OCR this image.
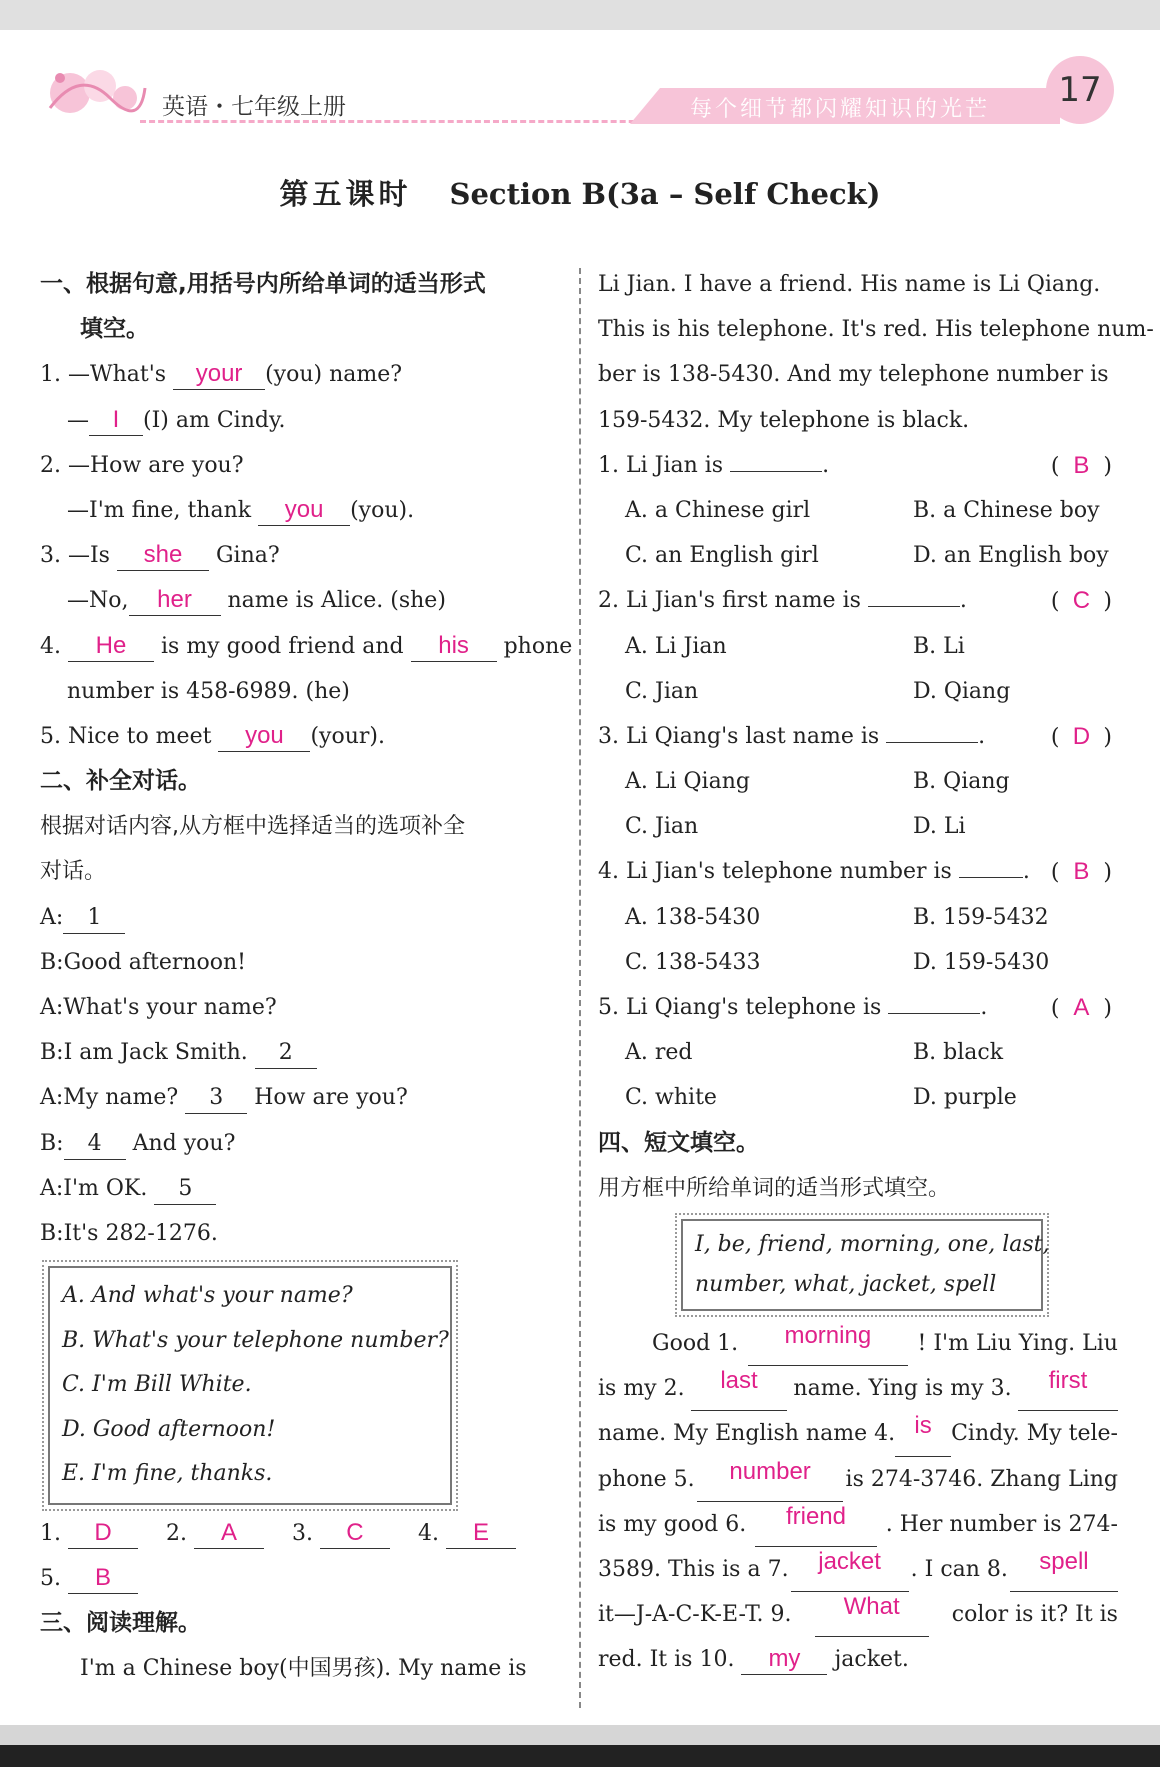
英语・七年级上册	每个细节都闪耀知识的光芒	17
第五课时 Section B(3a – Self Check)
一、根据句意,用括号内所给单词的适当形式
填空。
1. —What's your (you) name?
— I (I) am Cindy.
2. —How are you?
—I'm fine, thank you (you).
3. —Is she Gina?
—No, her name is Alice. (she)
4. He is my good friend and his phone
number is 458-6989. (he)
5. Nice to meet you (your).
二、补全对话。
根据对话内容,从方框中选择适当的选项补全
对话。
A: 1
B:Good afternoon!
A:What's your name?
B:I am Jack Smith. 2
A:My name? 3 How are you?
B: 4 And you?
A:I'm OK. 5
B:It's 282-1276.
A. And what's your name?
B. What's your telephone number?
C. I'm Bill White.
D. Good afternoon!
E. I'm fine, thanks.
1. D 2. A 3. C 4. E
5. B
三、阅读理解。
I'm a Chinese boy(中国男孩). My name is
Li Jian. I have a friend. His name is Li Qiang.
This is his telephone. It's red. His telephone num-
ber is 138-5430. And my telephone number is
159-5432. My telephone is black.
1. Li Jian is	.	( B )
A. a Chinese girl	B. a Chinese boy
C. an English girl	D. an English boy
2. Li Jian's first name is	.	( C )
A. Li Jian	B. Li
C. Jian	D. Qiang
3. Li Qiang's last name is	.	( D )
A. Li Qiang	B. Qiang
C. Jian	D. Li
4. Li Jian's telephone number is	. ( B )
A. 138-5430	B. 159-5432
C. 138-5433	D. 159-5430
5. Li Qiang's telephone is	.	( A )
A. red	B. black
C. white	D. purple
四、短文填空。
用方框中所给单词的适当形式填空。
I, be, friend, morning, one, last,
number, what, jacket, spell
Good 1.	morning	! I'm Liu Ying. Liu
is my 2.	last	name. Ying is my 3.	first
name. My English name 4. is Cindy. My tele-
phone 5.	number	is 274-3746. Zhang Ling
is my good 6.	friend	. Her number is 274-
3589. This is a 7.	jacket	. I can 8.	spell
it—J-A-C-K-E-T. 9.	What	color is it? It is
red. It is 10. my jacket.
